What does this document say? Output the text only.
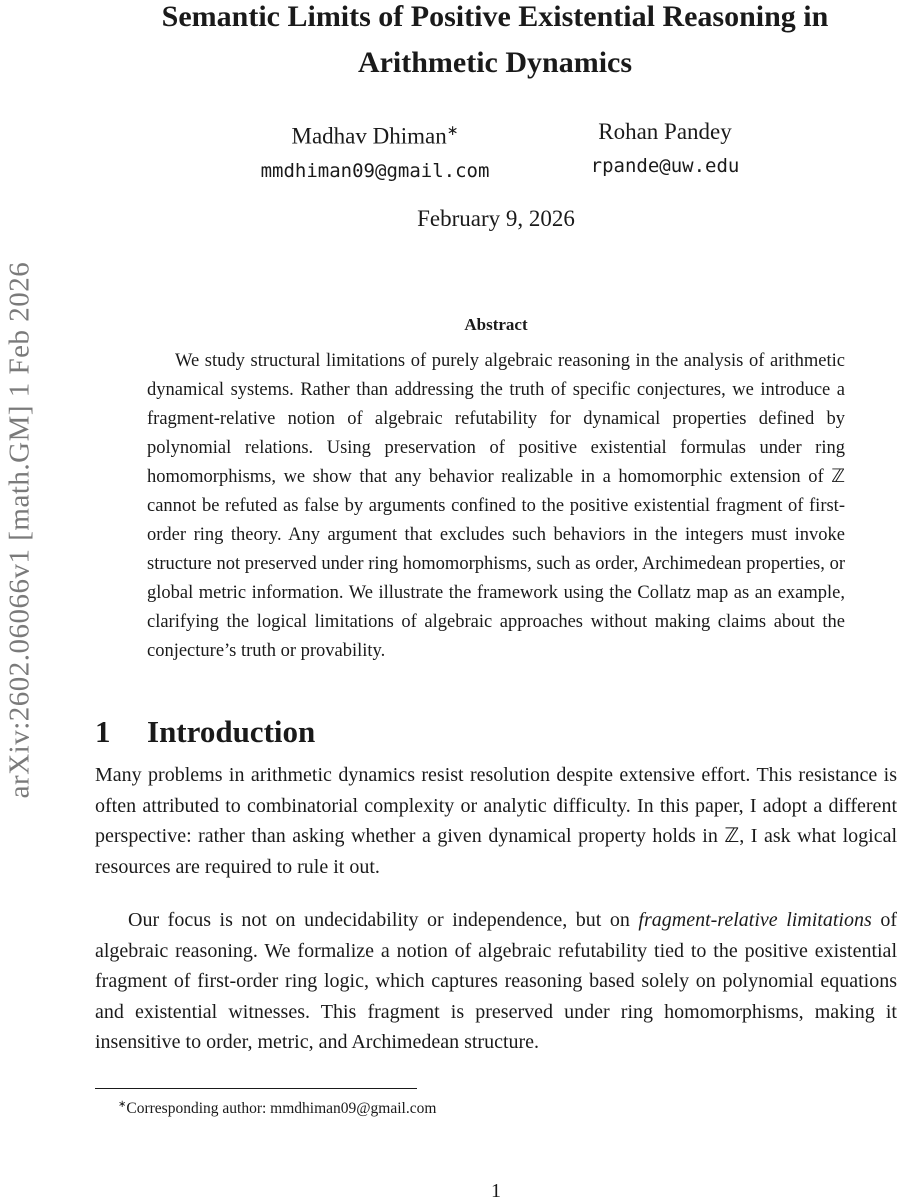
arXiv:2602.06066v1 [math.GM] 1 Feb 2026
Semantic Limits of Positive Existential Reasoning in
Arithmetic Dynamics
Madhav Dhiman∗
mmdhiman09@gmail.com
Rohan Pandey
rpande@uw.edu
February 9, 2026
Abstract

We study structural limitations of purely algebraic reasoning in the analysis of arithmetic dynamical systems. Rather than addressing the truth of specific conjectures, we introduce a fragment-relative notion of algebraic refutability for dynamical properties defined by polynomial relations. Using preservation of positive existential formulas under ring homomorphisms, we show that any behavior realizable in a homomorphic extension of ℤ cannot be refuted as false by arguments confined to the positive existential fragment of first-order ring theory. Any argument that excludes such behaviors in the integers must invoke structure not preserved under ring homomorphisms, such as order, Archimedean properties, or global metric information. We illustrate the framework using the Collatz map as an example, clarifying the logical limitations of algebraic approaches without making claims about the conjecture’s truth or provability.

1 Introduction

Many problems in arithmetic dynamics resist resolution despite extensive effort. This resistance is often attributed to combinatorial complexity or analytic difficulty. In this paper, I adopt a different perspective: rather than asking whether a given dynamical property holds in ℤ, I ask what logical resources are required to rule it out.

Our focus is not on undecidability or independence, but on fragment-relative limitations of algebraic reasoning. We formalize a notion of algebraic refutability tied to the positive existential fragment of first-order ring logic, which captures reasoning based solely on polynomial equations and existential witnesses. This fragment is preserved under ring homomorphisms, making it insensitive to order, metric, and Archimedean structure.

∗Corresponding author: mmdhiman09@gmail.com
1
